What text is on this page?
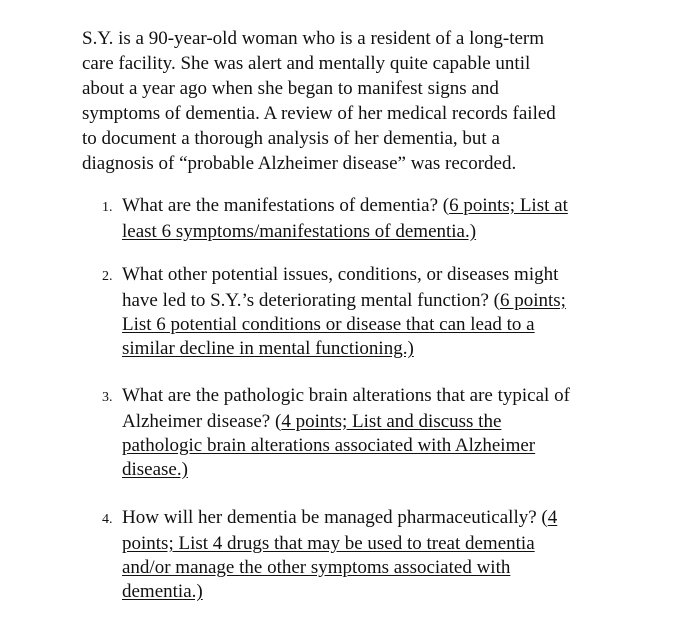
S.Y. is a 90-year-old woman who is a resident of a long-term
care facility. She was alert and mentally quite capable until
about a year ago when she began to manifest signs and
symptoms of dementia. A review of her medical records failed
to document a thorough analysis of her dementia, but a
diagnosis of “probable Alzheimer disease” was recorded.

1. What are the manifestations of dementia? (6 points; List at
least 6 symptoms/manifestations of dementia.)
2. What other potential issues, conditions, or diseases might
have led to S.Y.’s deteriorating mental function? (6 points;
List 6 potential conditions or disease that can lead to a
similar decline in mental functioning.)
3. What are the pathologic brain alterations that are typical of
Alzheimer disease? (4 points; List and discuss the
pathologic brain alterations associated with Alzheimer
disease.)
4. How will her dementia be managed pharmaceutically? (4
points; List 4 drugs that may be used to treat dementia
and/or manage the other symptoms associated with
dementia.)
